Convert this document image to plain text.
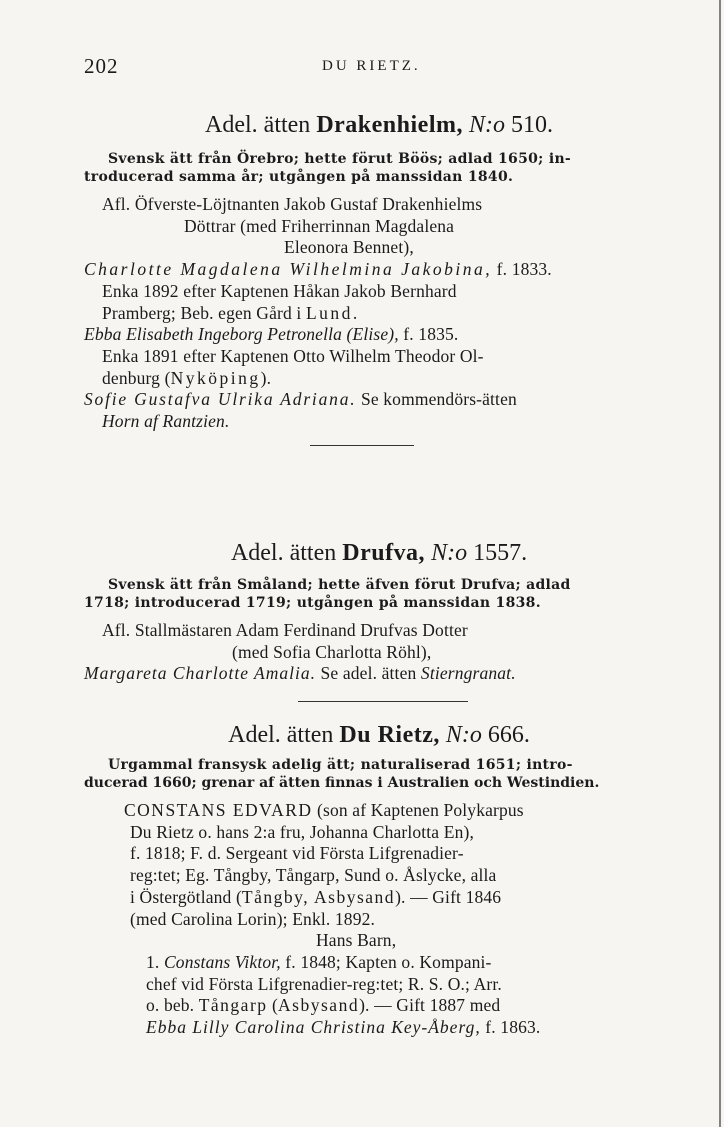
202	DU RIETZ.
Adel. ätten Drakenhielm, N:o 510.
Svensk ätt från Örebro; hette förut Böös; adlad 1650; in-
troducerad samma år; utgången på manssidan 1840.
Afl. Öfverste-Löjtnanten Jakob Gustaf Drakenhielms
Döttrar (med Friherrinnan Magdalena
Eleonora Bennet),
Charlotte Magdalena Wilhelmina Jakobina, f. 1833.
Enka 1892 efter Kaptenen Håkan Jakob Bernhard
Pramberg; Beb. egen Gård i Lund.
Ebba Elisabeth Ingeborg Petronella (Elise), f. 1835.
Enka 1891 efter Kaptenen Otto Wilhelm Theodor Ol-
denburg (Nyköping).
Sofie Gustafva Ulrika Adriana. Se kommendörs-ätten
Horn af Rantzien.
Adel. ätten Drufva, N:o 1557.
Svensk ätt från Småland; hette äfven förut Drufva; adlad
1718; introducerad 1719; utgången på manssidan 1838.
Afl. Stallmästaren Adam Ferdinand Drufvas Dotter
(med Sofia Charlotta Röhl),
Margareta Charlotte Amalia. Se adel. ätten Stierngranat.
Adel. ätten Du Rietz, N:o 666.
Urgammal fransysk adelig ätt; naturaliserad 1651; intro-
ducerad 1660; grenar af ätten finnas i Australien och Westindien.
CONSTANS EDVARD (son af Kaptenen Polykarpus
Du Rietz o. hans 2:a fru, Johanna Charlotta En),
f. 1818; F. d. Sergeant vid Första Lifgrenadier-
reg:tet; Eg. Tångby, Tångarp, Sund o. Åslycke, alla
i Östergötland (Tångby, Asbysand). — Gift 1846
(med Carolina Lorin); Enkl. 1892.
Hans Barn,
1. Constans Viktor, f. 1848; Kapten o. Kompani-
chef vid Första Lifgrenadier-reg:tet; R. S. O.; Arr.
o. beb. Tångarp (Asbysand). — Gift 1887 med
Ebba Lilly Carolina Christina Key-Åberg, f. 1863.
